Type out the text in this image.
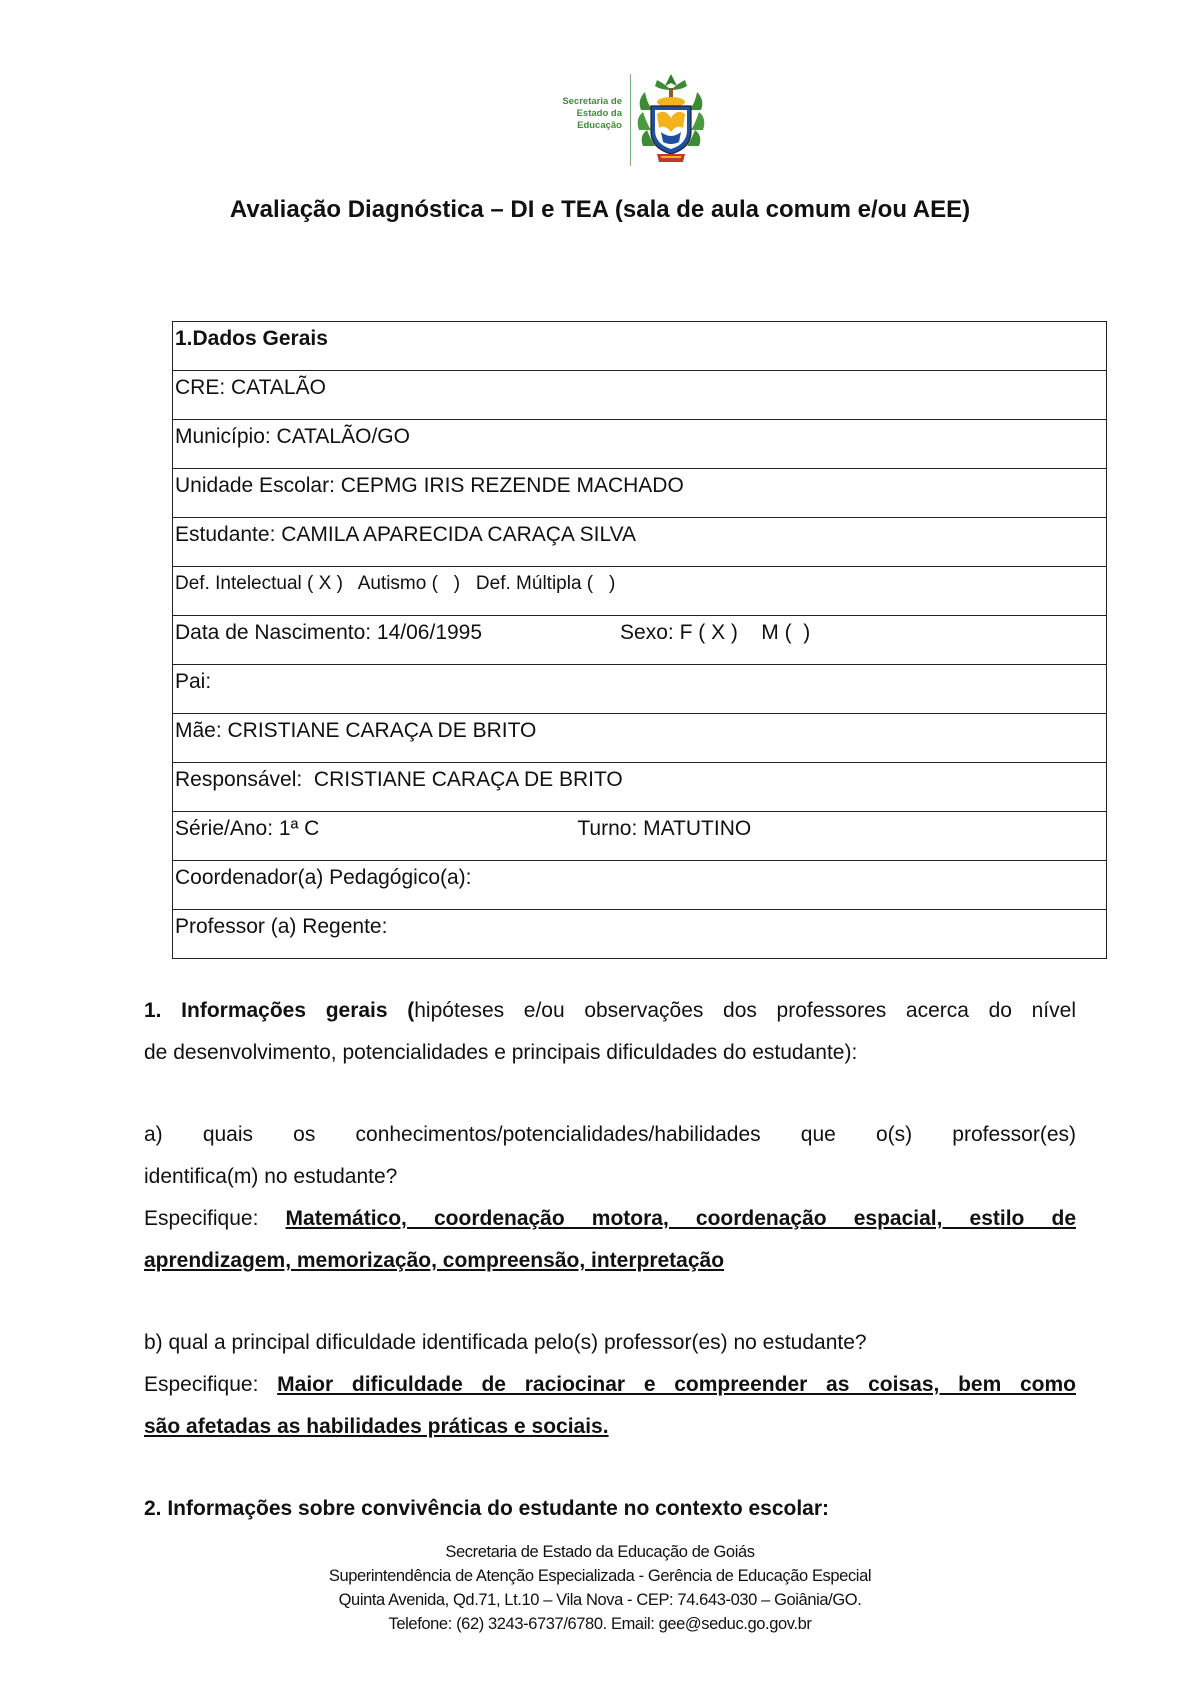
Secretaria de
Estado da
Educação
Avaliação Diagnóstica – DI e TEA (sala de aula comum e/ou AEE)
1.Dados Gerais
CRE: CATALÃO
Município: CATALÃO/GO
Unidade Escolar: CEPMG IRIS REZENDE MACHADO
Estudante: CAMILA APARECIDA CARAÇA SILVA
Def. Intelectual ( X )   Autismo (   )   Def. Múltipla (   )
Data de Nascimento: 14/06/1995	Sexo: F ( X )    M (  )
Pai:
Mãe: CRISTIANE CARAÇA DE BRITO
Responsável:  CRISTIANE CARAÇA DE BRITO
Série/Ano: 1ª C	Turno: MATUTINO
Coordenador(a) Pedagógico(a):
Professor (a) Regente:
1. Informações gerais (hipóteses e/ou observações dos professores acerca do nível
de desenvolvimento, potencialidades e principais dificuldades do estudante):
a) quais os conhecimentos/potencialidades/habilidades que o(s) professor(es)
identifica(m) no estudante?
Especifique: Matemático, coordenação motora, coordenação espacial, estilo de
aprendizagem, memorização, compreensão, interpretação
b) qual a principal dificuldade identificada pelo(s) professor(es) no estudante?
Especifique: Maior dificuldade de raciocinar e compreender as coisas, bem como
são afetadas as habilidades práticas e sociais.
2. Informações sobre convivência do estudante no contexto escolar:
Secretaria de Estado da Educação de Goiás
Superintendência de Atenção Especializada - Gerência de Educação Especial
Quinta Avenida, Qd.71, Lt.10 – Vila Nova - CEP: 74.643-030 – Goiânia/GO.
Telefone: (62) 3243-6737/6780. Email: gee@seduc.go.gov.br
